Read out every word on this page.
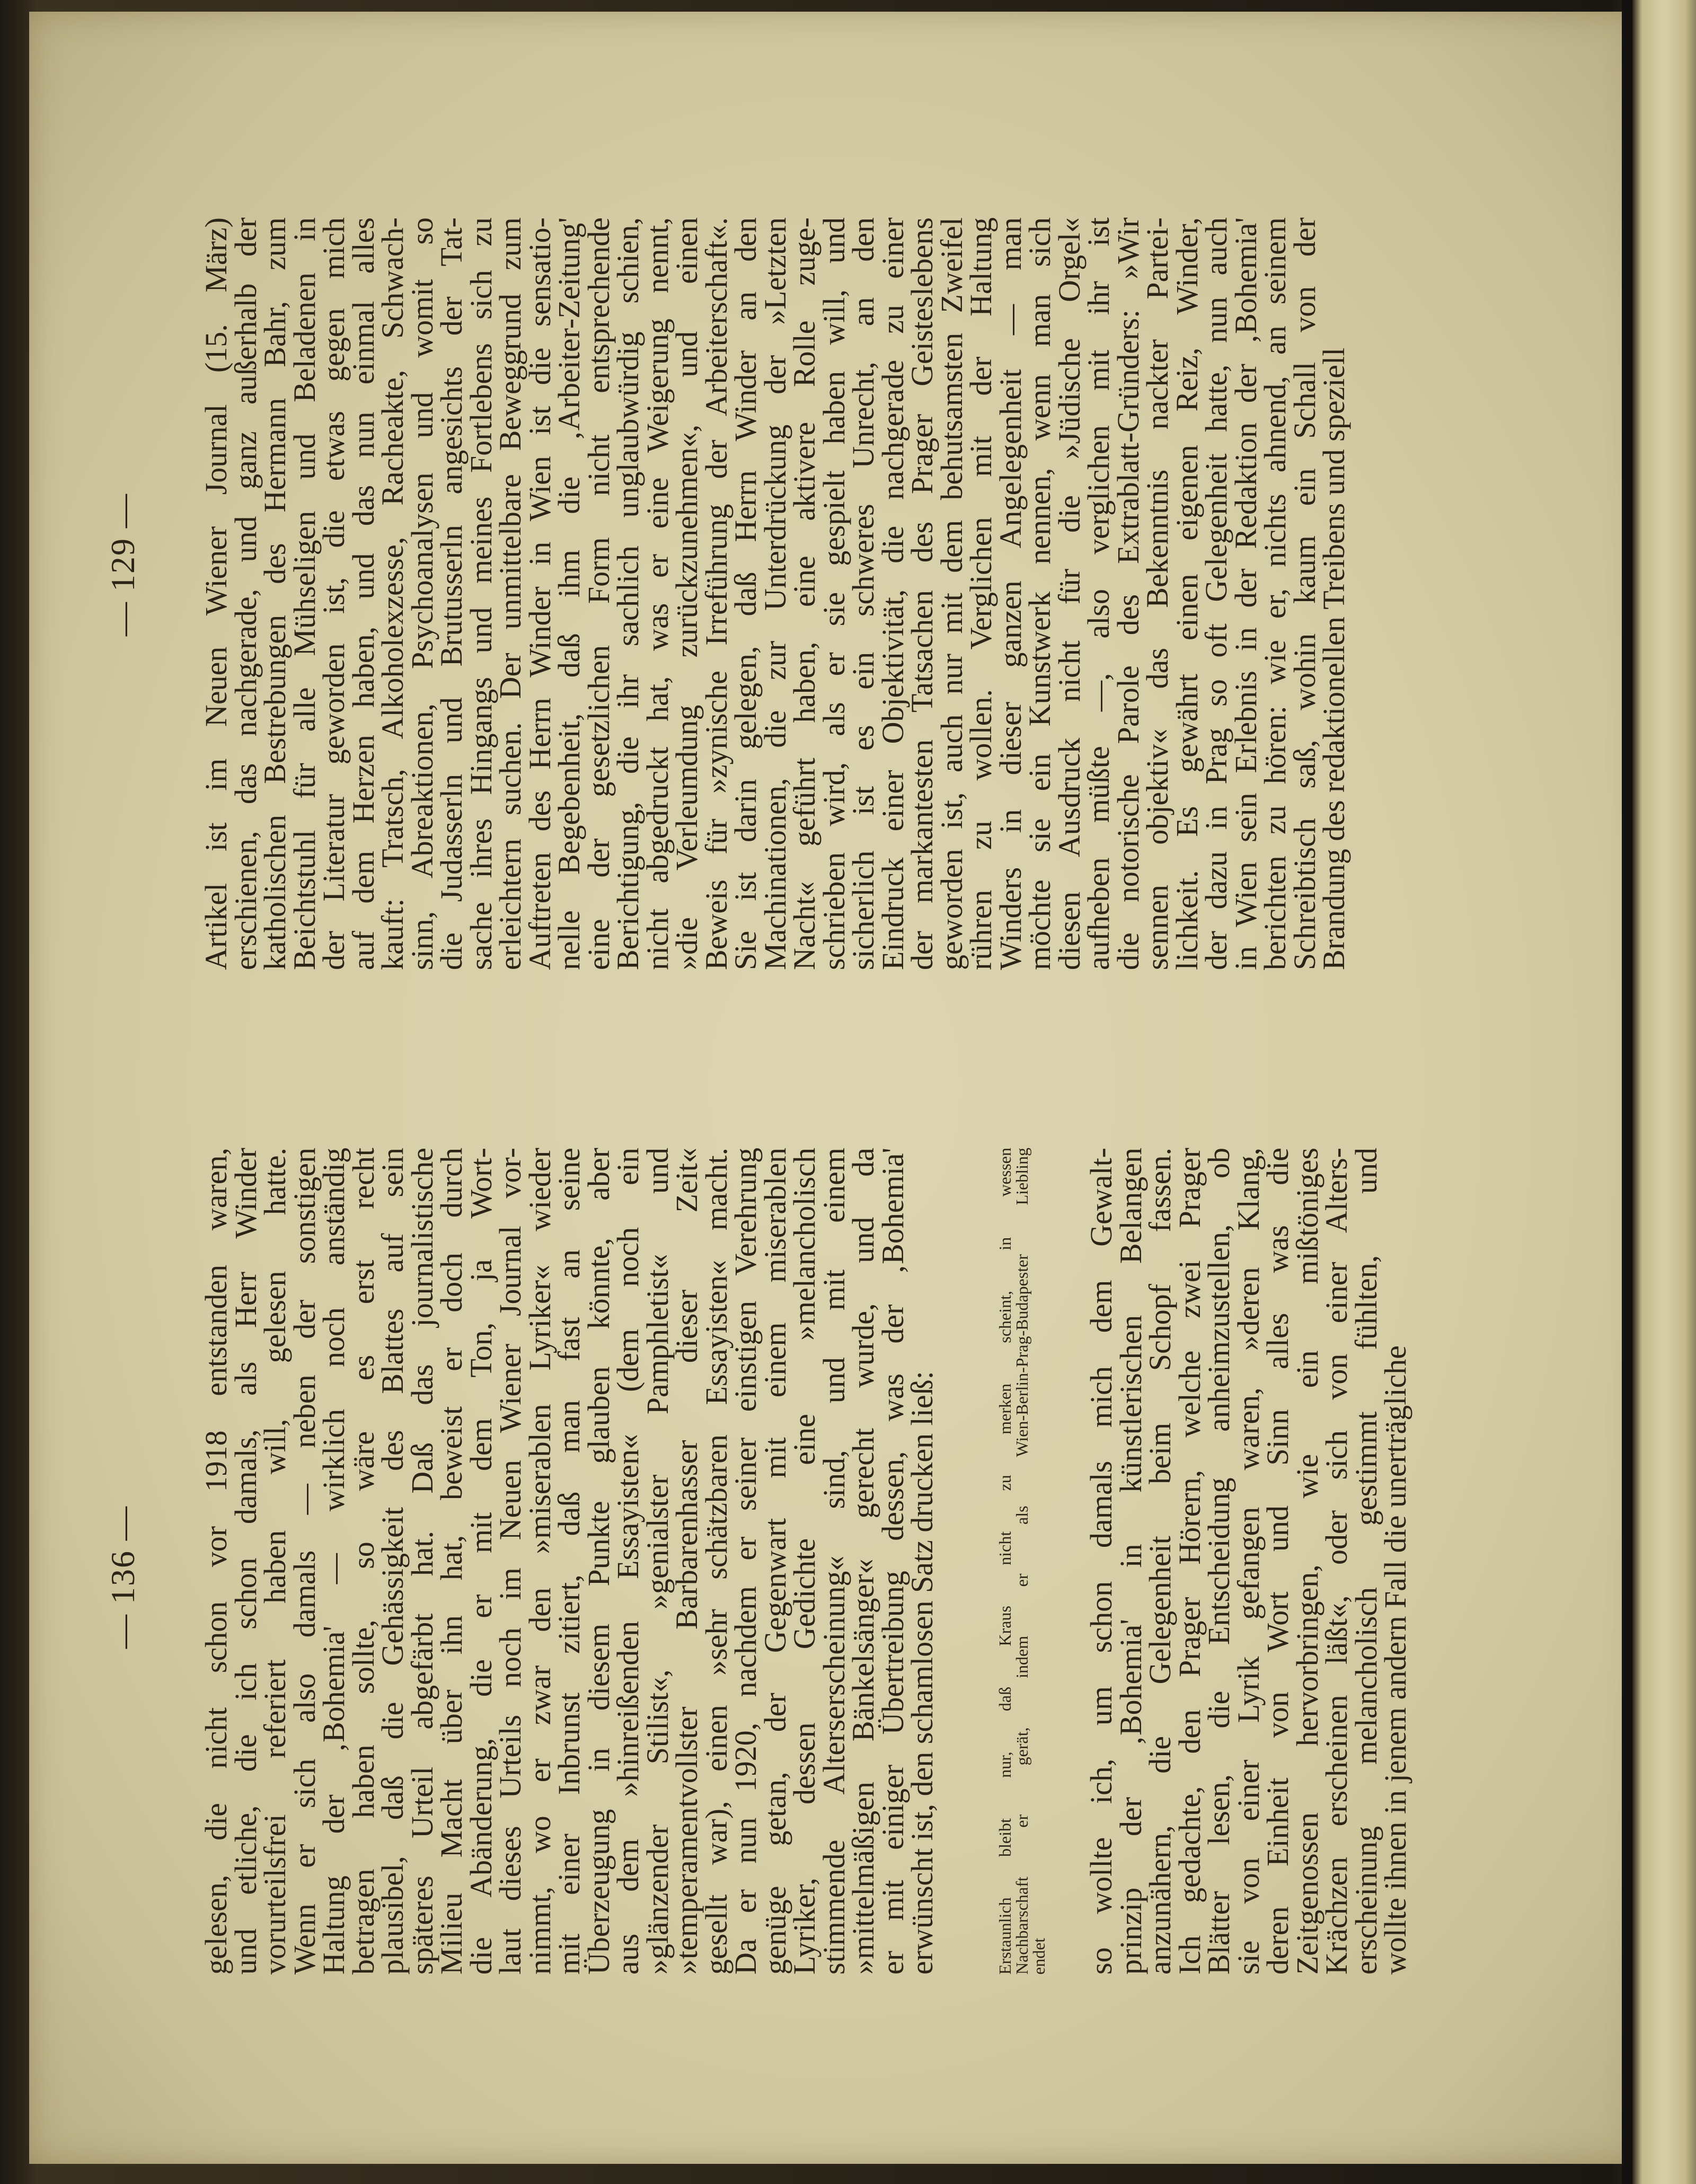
— 136 — gelesen, die nicht schon vor 1918 entstanden waren,
und etliche, die ich schon damals, als Herr Winder
vorurteilsfrei referiert haben will, gelesen hatte.
Wenn er sich also damals — neben der sonstigen
Haltung der ‚Bohemia' — wirklich noch anständig
betragen haben sollte, so wäre es erst recht
plausibel, daß die Gehässigkeit des Blattes auf sein
späteres Urteil abgefärbt hat. Daß das journalistische
Milieu Macht über ihn hat, beweist er doch durch
die Abänderung, die er mit dem Ton, ja Wort-
laut dieses Urteils noch im Neuen Wiener Journal vor-
nimmt, wo er zwar den »miserablen Lyriker« wieder
mit einer Inbrunst zitiert, daß man fast an seine
Überzeugung in diesem Punkte glauben könnte, aber
aus dem »hinreißenden Essayisten« (dem noch ein
»glänzender Stilist«, »genialster Pamphletist« und
»temperamentvollster Barbarenhasser dieser Zeit«
gesellt war), einen »sehr schätzbaren Essayisten« macht.
Da er nun 1920, nachdem er seiner einstigen Verehrung
genüge getan, der Gegenwart mit einem miserablen
Lyriker, dessen Gedichte eine »melancholisch
stimmende Alterserscheinung« sind, und mit einem
»mittelmäßigen Bänkelsänger« gerecht wurde, und da
er mit einiger Übertreibung dessen, was der ‚Bohemia'
erwünscht ist, den schamlosen Satz drucken ließ:	Erstaunlich bleibt nur, daß Kraus nicht zu merken scheint, in wessen
Nachbarschaft er gerät, indem er als Wien-Berlin-Prag-Budapester Liebling
endet so wollte ich, um schon damals mich dem Gewalt-
prinzip der ‚Bohemia' in künstlerischen Belangen
anzunähern, die Gelegenheit beim Schopf fassen.
Ich gedachte, den Prager Hörern, welche zwei Prager
Blätter lesen, die Entscheidung anheimzustellen, ob
sie von einer Lyrik gefangen waren, »deren Klang,
deren Einheit von Wort und Sinn alles was die
Zeitgenossen hervorbringen, wie ein mißtöniges
Krächzen erscheinen läßt«, oder sich von einer Alters-
erscheinung melancholisch gestimmt fühlten, und
wollte ihnen in jenem andern Fall die unerträgliche
— 129 — Artikel ist im Neuen Wiener Journal (15. März)
erschienen, das nachgerade, und ganz außerhalb der
katholischen Bestrebungen des Hermann Bahr, zum
Beichtstuhl für alle Mühseligen und Beladenen in
der Literatur geworden ist, die etwas gegen mich
auf dem Herzen haben, und das nun einmal alles
kauft: Tratsch, Alkoholexzesse, Racheakte, Schwach-
sinn, Abreaktionen, Psychoanalysen und womit so
die Judasserln und Brutusserln angesichts der Tat-
sache ihres Hingangs und meines Fortlebens sich zu
erleichtern suchen. Der unmittelbare Beweggrund zum
Auftreten des Herrn Winder in Wien ist die sensatio-
nelle Begebenheit, daß ihm die ‚Arbeiter-Zeitung'
eine der gesetzlichen Form nicht entsprechende
Berichtigung, die ihr sachlich unglaubwürdig schien,
nicht abgedruckt hat, was er eine Weigerung nennt,
»die Verleumdung zurückzunehmen«, und einen
Beweis für »zynische Irreführung der Arbeiterschaft«.
Sie ist darin gelegen, daß Herrn Winder an den
Machinationen, die zur Unterdrückung der »Letzten
Nacht« geführt haben, eine aktivere Rolle zuge-
schrieben wird, als er sie gespielt haben will, und
sicherlich ist es ein schweres Unrecht, an den
Eindruck einer Objektivität, die nachgerade zu einer
der markantesten Tatsachen des Prager Geisteslebens
geworden ist, auch nur mit dem behutsamsten Zweifel
rühren zu wollen. Verglichen mit der Haltung
Winders in dieser ganzen Angelegenheit — man
möchte sie ein Kunstwerk nennen, wenn man sich
diesen Ausdruck nicht für die »Jüdische Orgel«
aufheben müßte —, also verglichen mit ihr ist
die notorische Parole des Extrablatt-Gründers: »Wir
sennen objektiv« das Bekenntnis nackter Partei-
lichkeit. Es gewährt einen eigenen Reiz, Winder,
der dazu in Prag so oft Gelegenheit hatte, nun auch
in Wien sein Erlebnis in der Redaktion der ‚Bohemia'
berichten zu hören: wie er, nichts ahnend, an seinem
Schreibtisch saß, wohin kaum ein Schall von der
Brandung des redaktionellen Treibens und speziell
